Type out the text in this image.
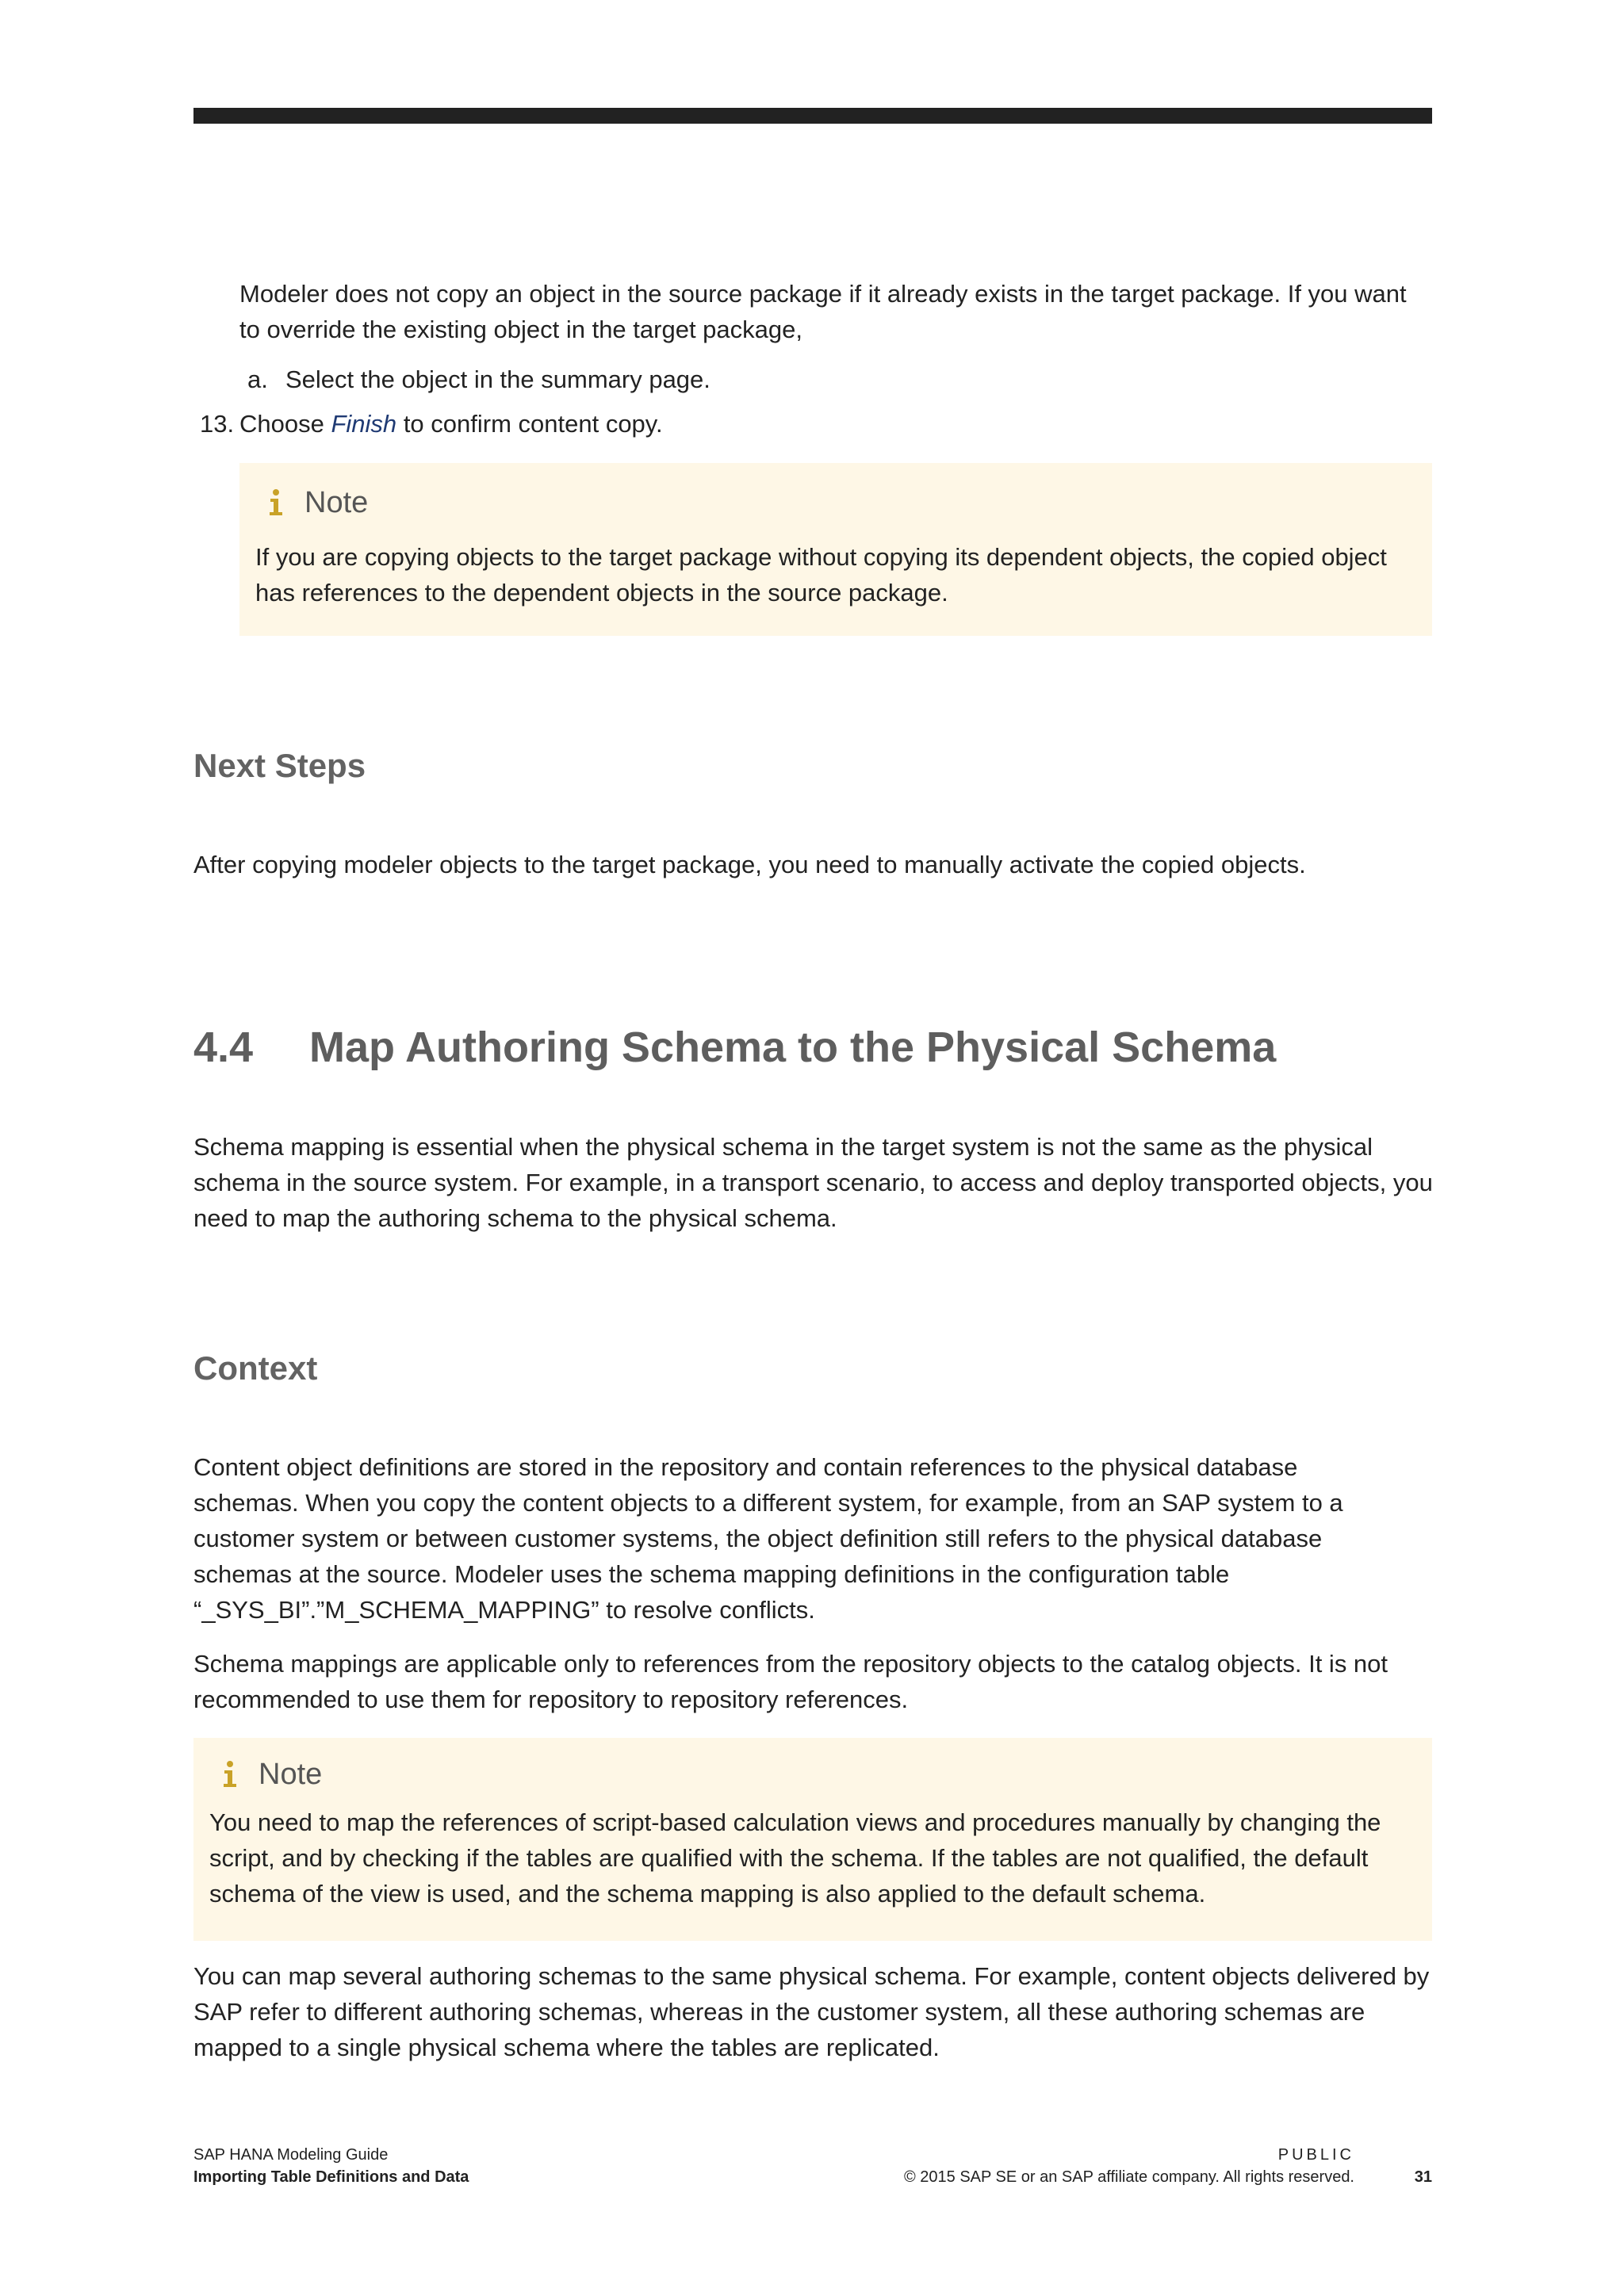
Modeler does not copy an object in the source package if it already exists in the target package. If you want to override the existing object in the target package,

a. Select the object in the summary page.
13. Choose Finish to confirm content copy.
Note

If you are copying objects to the target package without copying its dependent objects, the copied object has references to the dependent objects in the source package.

Next Steps

After copying modeler objects to the target package, you need to manually activate the copied objects.

4.4 Map Authoring Schema to the Physical Schema

Schema mapping is essential when the physical schema in the target system is not the same as the physical schema in the source system. For example, in a transport scenario, to access and deploy transported objects, you need to map the authoring schema to the physical schema.

Context

Content object definitions are stored in the repository and contain references to the physical database schemas. When you copy the content objects to a different system, for example, from an SAP system to a customer system or between customer systems, the object definition still refers to the physical database schemas at the source. Modeler uses the schema mapping definitions in the configuration table “_SYS_BI”.”M_SCHEMA_MAPPING” to resolve conflicts.

Schema mappings are applicable only to references from the repository objects to the catalog objects. It is not recommended to use them for repository to repository references.

Note

You need to map the references of script-based calculation views and procedures manually by changing the script, and by checking if the tables are qualified with the schema. If the tables are not qualified, the default schema of the view is used, and the schema mapping is also applied to the default schema.

You can map several authoring schemas to the same physical schema. For example, content objects delivered by SAP refer to different authoring schemas, whereas in the customer system, all these authoring schemas are mapped to a single physical schema where the tables are replicated.

SAP HANA Modeling Guide
Importing Table Definitions and Data
PUBLIC
© 2015 SAP SE or an SAP affiliate company. All rights reserved.	31
